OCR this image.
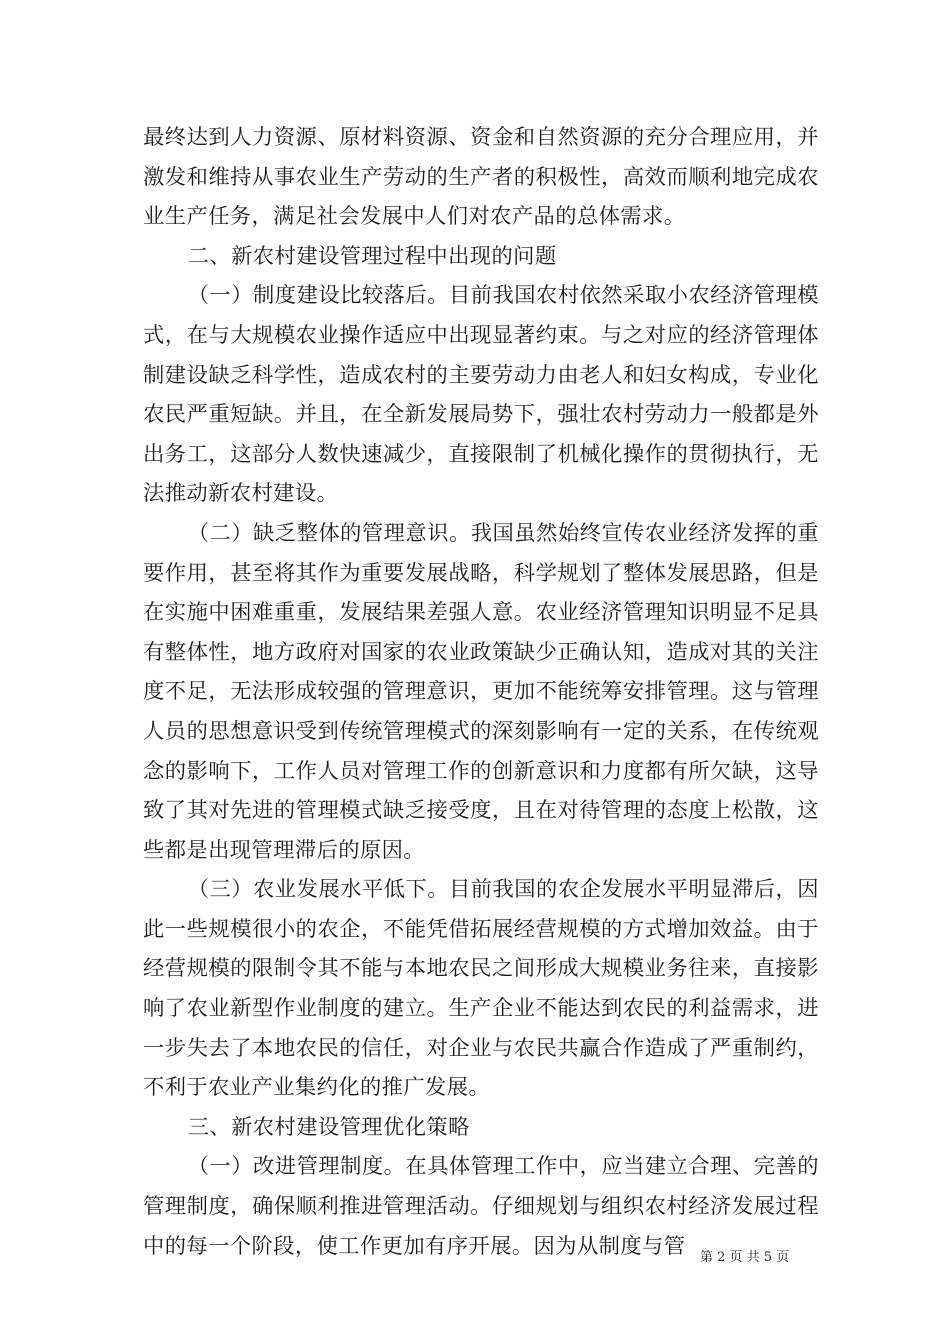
最终达到人力资源、原材料资源、资金和自然资源的充分合理应用，并激发和维持从事农业生产劳动的生产者的积极性，高效而顺利地完成农业生产任务，满足社会发展中人们对农产品的总体需求。

二、新农村建设管理过程中出现的问题

（一）制度建设比较落后。目前我国农村依然采取小农经济管理模式，在与大规模农业操作适应中出现显著约束。与之对应的经济管理体制建设缺乏科学性，造成农村的主要劳动力由老人和妇女构成，专业化农民严重短缺。并且，在全新发展局势下，强壮农村劳动力一般都是外出务工，这部分人数快速减少，直接限制了机械化操作的贯彻执行，无法推动新农村建设。

（二）缺乏整体的管理意识。我国虽然始终宣传农业经济发挥的重要作用，甚至将其作为重要发展战略，科学规划了整体发展思路，但是在实施中困难重重，发展结果差强人意。农业经济管理知识明显不足具有整体性，地方政府对国家的农业政策缺少正确认知，造成对其的关注度不足，无法形成较强的管理意识，更加不能统筹安排管理。这与管理人员的思想意识受到传统管理模式的深刻影响有一定的关系，在传统观念的影响下，工作人员对管理工作的创新意识和力度都有所欠缺，这导致了其对先进的管理模式缺乏接受度，且在对待管理的态度上松散，这些都是出现管理滞后的原因。

（三）农业发展水平低下。目前我国的农企发展水平明显滞后，因此一些规模很小的农企，不能凭借拓展经营规模的方式增加效益。由于经营规模的限制令其不能与本地农民之间形成大规模业务往来，直接影响了农业新型作业制度的建立。生产企业不能达到农民的利益需求，进一步失去了本地农民的信任，对企业与农民共赢合作造成了严重制约，不利于农业产业集约化的推广发展。

三、新农村建设管理优化策略

（一）改进管理制度。在具体管理工作中，应当建立合理、完善的管理制度，确保顺利推进管理活动。仔细规划与组织农村经济发展过程中的每一个阶段，使工作更加有序开展。因为从制度与管	第 2 页 共 5 页
